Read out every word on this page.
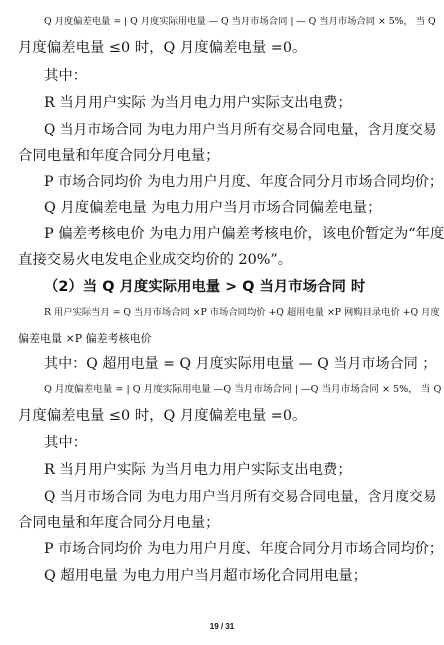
Q 月度偏差电量 = | Q 月度实际用电量 — Q 当月市场合同 | — Q 当月市场合同 × 5%， 当 Q
月度偏差电量 ≤0 时，Q 月度偏差电量 =0。
其中：
R 当月用户实际 为当月电力用户实际支出电费；
Q 当月市场合同 为电力用户当月所有交易合同电量，含月度交易
合同电量和年度合同分月电量；
P 市场合同均价 为电力用户月度、年度合同分月市场合同均价；
Q 月度偏差电量 为电力用户当月市场合同偏差电量；
P 偏差考核电价 为电力用户偏差考核电价，该电价暂定为“年度
直接交易火电发电企业成交均价的 20%”。
（2）当 Q 月度实际用电量 > Q 当月市场合同 时
R 用户实际当月 = Q 当月市场合同 ×P 市场合同均价 +Q 超用电量 ×P 网购目录电价 +Q 月度
偏差电量 ×P 偏差考核电价
其中：Q 超用电量 = Q 月度实际用电量 — Q 当月市场合同 ；
Q 月度偏差电量 = | Q 月度实际用电量 —Q 当月市场合同 | —Q 当月市场合同 × 5%， 当 Q
月度偏差电量 ≤0 时，Q 月度偏差电量 =0。
其中：
R 当月用户实际 为当月电力用户实际支出电费；
Q 当月市场合同 为电力用户当月所有交易合同电量，含月度交易
合同电量和年度合同分月电量；
P 市场合同均价 为电力用户月度、年度合同分月市场合同均价；
Q 超用电量 为电力用户当月超市场化合同用电量；
19 / 31
